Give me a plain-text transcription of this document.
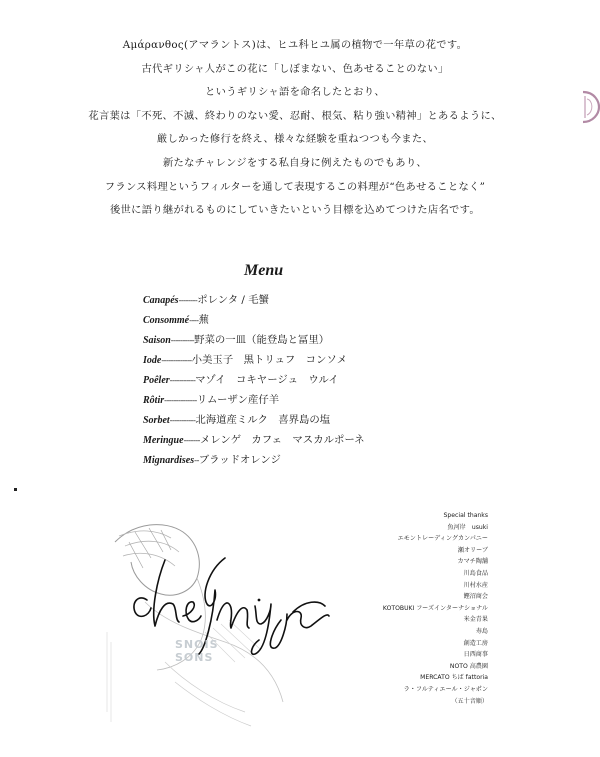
Αμάρανθος(アマラントス)は、ヒユ科ヒユ属の植物で一年草の花です。
古代ギリシャ人がこの花に「しぼまない、色あせることのない」
というギリシャ語を命名したとおり、
花言葉は「不死、不滅、終わりのない愛、忍耐、根気、粘り強い精神」とあるように、
厳しかった修行を終え、様々な経験を重ねつつも今また、
新たなチャレンジをする私自身に例えたものでもあり、
フランス料理というフィルターを通して表現するこの料理が“色あせることなく”
後世に語り継がれるものにしていきたいという目標を込めてつけた店名です。
Menu
Canapés--------ポレンタ / 毛蟹
Consommé----蕪
Saison----------野菜の一皿（能登島と冨里）
Iode-------------小美玉子　黒トリュフ　コンソメ
Poêler-----------マゾイ　コキヤージュ　ウルイ
Rôtir--------------リムーザン産仔羊
Sorbet-----------北海道産ミルク　喜界島の塩
Meringue-------メレンゲ　カフェ　マスカルポーネ
Mignardises--ブラッドオレンジ
SNOIS SONS
Special thanks
魚河岸　usuki
エモントレーディングカンパニー
瀬オリーブ
カマチ陶舗
川島食品
川村水産
鰹沼商会
KOTOBUKI フーズインターナショナル
米金青果
寿島
創造工房
日西商事
NOTO 高農園
MERCATO ちば fattoria
ラ・フルティエール・ジャポン
（五十音順）
